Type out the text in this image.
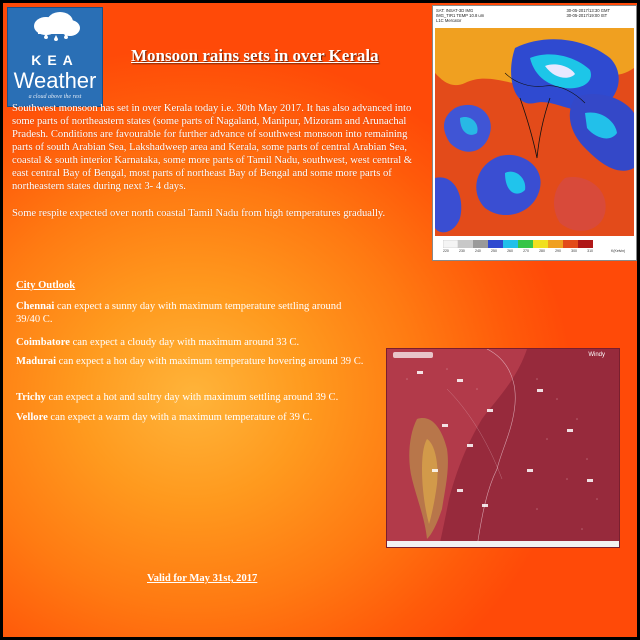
KEA
Weather
a cloud above the rest
Monsoon rains sets in over Kerala
SAT: INSAT-3D IMG
IMG_TIR1 TEMP 10.8 um
L1C Mercator
30-05-2017/13:30 GMT
30-05-2017/19:00 IST
220	230	240	250	260	270	280	290	300	310	K(Kelvin)
Southwest monsoon has set in over Kerala today i.e. 30th May 2017. It has also advanced into some parts of northeastern states (some parts of Nagaland, Manipur, Mizoram and Arunachal Pradesh. Conditions are favourable for further advance of southwest monsoon into remaining parts of south Arabian Sea, Lakshadweep area and Kerala, some parts of central Arabian Sea, coastal & south interior Karnataka, some more parts of Tamil Nadu, southwest, west central & east central Bay of Bengal, most parts of northeast Bay of Bengal and some more parts of northeastern states during next 3- 4 days.
Some respite expected over north coastal Tamil Nadu from high temperatures gradually.
City Outlook
Chennai can expect a sunny day with maximum temperature settling around 39/40 C.
Coimbatore can expect a cloudy day with maximum around 33 C.
Madurai can expect a hot day with maximum temperature hovering around 39 C.
Trichy can expect a hot and sultry day with maximum settling around 39 C.
Vellore can expect a warm day with a maximum temperature of 39 C.
Windy
Valid for May 31st, 2017
